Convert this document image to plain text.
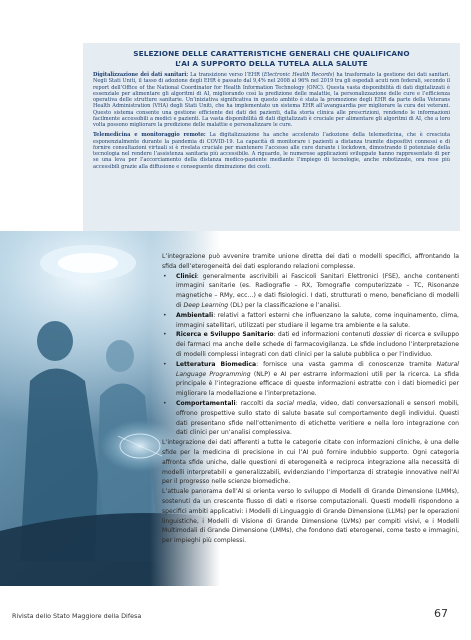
SELEZIONE DELLE CARATTERISTICHE GENERALI CHE QUALIFICANO
L’AI A SUPPORTO DELLA TUTELA ALLA SALUTE

Digitalizzazione dei dati sanitari: La transizione verso l’EHR (Electronic Health Records) ha trasformato la gestione dei dati sanitari. Negli Stati Uniti, il tasso di adozione degli EHR è passato dal 9,4% nel 2008 al 96% nel 2019 tra gli ospedali acuti non federali, secondo il report dell’Office of the National Coordinator for Health Information Technology (ONC). Questa vasta disponibilità di dati digitalizzati è essenziale per alimentare gli algoritmi di AI, migliorando così la predizione delle malattie, la personalizzazione delle cure e l’efficienza operativa delle strutture sanitarie. Un’iniziativa significativa in questo ambito è stata la promozione degli EHR da parte della Veterans Health Administration (VHA) degli Stati Uniti, che ha implementato un sistema EHR all’avanguardia per migliorare la cura dei veterani. Questo sistema consente una gestione efficiente dei dati dei pazienti, dalla storia clinica alle prescrizioni, rendendo le informazioni facilmente accessibili a medici e pazienti. La vasta disponibilità di dati digitalizzati è cruciale per alimentare gli algoritmi di AI, che a loro volta possono migliorare la predizione delle malattie e personalizzare le cure.

Telemedicina e monitoraggio remoto: La digitalizzazione ha anche accelerato l’adozione della telemedicina, che è cresciuta esponenzialmente durante la pandemia di COVID-19. La capacità di monitorare i pazienti a distanza tramite dispositivi connessi e di fornire consultazioni virtuali si è rivelata cruciale per mantenere l’accesso alle cure durante i lockdown, dimostrando il potenziale della tecnologia nel rendere l’assistenza sanitaria più accessibile. A riguardo, le numerose applicazioni sviluppate hanno rappresentato di per se una leva per l’accorciamento della distanza medico-paziente mediante l’impiego di tecnologie, anche robotizzate, ora rese più accessibili grazie alla diffusione e conseguente diminuzione dei costi.

L’integrazione può avvenire tramite unione diretta dei dati o modelli specifici, affrontando la sfida dell’eterogeneità dei dati esplorando relazioni complesse.

• Clinici: generalmente ascrivibili ai Fascicoli Sanitari Elettronici (FSE), anche contenenti immagini sanitarie (es. Radiografie – RX, Tomografie computerizzate – TC, Risonanze magnetiche – RMy, ecc…) e dati fisiologici. I dati, strutturati o meno, beneficiano di modelli di Deep Learning (DL) per la classificazione e l’analisi.
• Ambientali: relativi a fattori esterni che influenzano la salute, come inquinamento, clima, immagini satellitari, utilizzati per studiare il legame tra ambiente e la salute.
• Ricerca e Sviluppo Sanitario: dati ed informazioni contenuti dossier di ricerca e sviluppo dei farmaci ma anche delle schede di farmacovigilanza. Le sfide includono l’interpretazione di modelli complessi integrati con dati clinici per la salute pubblica o per l’individuo.
• Letteratura Biomedica: fornisce una vasta gamma di conoscenze tramite Natural Language Programming (NLP) e AI per estrarre informazioni utili per la ricerca. La sfida principale è l’integrazione efficace di queste informazioni estratte con i dati biomedici per migliorare la modellazione e l’interpretazione.
• Comportamentali: raccolti da social media, video, dati conversazionali e sensori mobili, offrono prospettive sullo stato di salute basate sul comportamento degli individui. Questi dati presentano sfide nell’ottenimento di etichette veritiere e nella loro integrazione con dati clinici per un’analisi complessiva.

L’integrazione dei dati afferenti a tutte le categorie citate con informazioni cliniche, è una delle sfide per la medicina di precisione in cui l’AI può fornire indubbio supporto. Ogni categoria affronta sfide uniche, dalle questioni di eterogeneità e reciproca integrazione alla necessità di modelli interpretabili e generalizzabili, evidenziando l’importanza di strategie innovative nell’AI per il progresso nelle scienze biomediche.

L’attuale panorama dell’AI si orienta verso lo sviluppo di Modelli di Grande Dimensione (LMMs), sostenuti da un crescente flusso di dati e risorse computazionali. Questi modelli rispondono a specifici ambiti applicativi: i Modelli di Linguaggio di Grande Dimensione (LLMs) per le operazioni linguistiche, i Modelli di Visione di Grande Dimensione (LVMs) per compiti visivi, e i Modelli Multimodali di Grande Dimensione (LMMs), che fondono dati eterogenei, come testo e immagini, per impieghi più complessi.

Rivista dello Stato Maggiore della Difesa	67
